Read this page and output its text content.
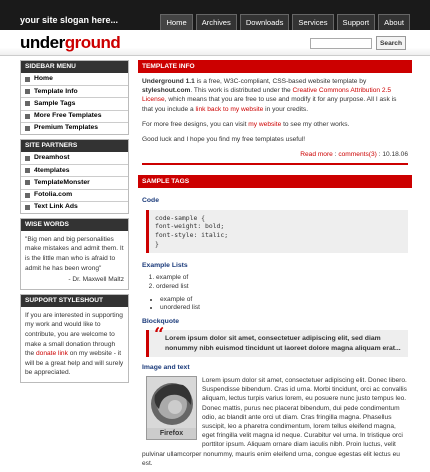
your site slogan here...	Home	Archives	Downloads	Services	Support	About
underground	Search
SIDEBAR MENU
Home
Template Info
Sample Tags
More Free Templates
Premium Templates
SITE PARTNERS
Dreamhost
4templates
TemplateMonster
Fotolia.com
Text Link Ads
WISE WORDS
"Big men and big personalities make mistakes and admit them. It is the little man who is afraid to admit he has been wrong"
- Dr. Maxwell Maltz
SUPPORT STYLESHOUT
If you are interested in supporting my work and would like to contribute, you are welcome to make a small donation through the donate link on my website - it will be a great help and will surely be appreciated.
TEMPLATE INFO

Underground 1.1 is a free, W3C-compliant, CSS-based website template by styleshout.com. This work is distributed under the Creative Commons Attribution 2.5 License, which means that you are free to use and modify it for any purpose. All I ask is that you include a link back to my website in your credits.

For more free designs, you can visit my website to see my other works.

Good luck and I hope you find my free templates useful!

Read more : comments(3) : 10.18.06
SAMPLE TAGS
Code
code-sample {
font-weight: bold;
font-style: italic;
}
Example Lists
1. example of
2. ordered list
• example of
• unordered list
Blockquote
“ Lorem ipsum dolor sit amet, consectetuer adipiscing elit, sed diam nonummy nibh euismod tincidunt ut laoreet dolore magna aliquam erat...
Image and text
Firefox
Lorem ipsum dolor sit amet, consectetuer adipiscing elit. Donec libero. Suspendisse bibendum. Cras id urna. Morbi tincidunt, orci ac convallis aliquam, lectus turpis varius lorem, eu posuere nunc justo tempus leo. Donec mattis, purus nec placerat bibendum, dui pede condimentum odio, ac blandit ante orci ut diam. Cras fringilla magna. Phasellus suscipit, leo a pharetra condimentum, lorem tellus eleifend magna, eget fringilla velit magna id neque. Curabitur vel urna. In tristique orci porttitor ipsum. Aliquam ornare diam iaculis nibh. Proin luctus, velit pulvinar ullamcorper nonummy, mauris enim eleifend urna, congue egestas elit lectus eu est.
